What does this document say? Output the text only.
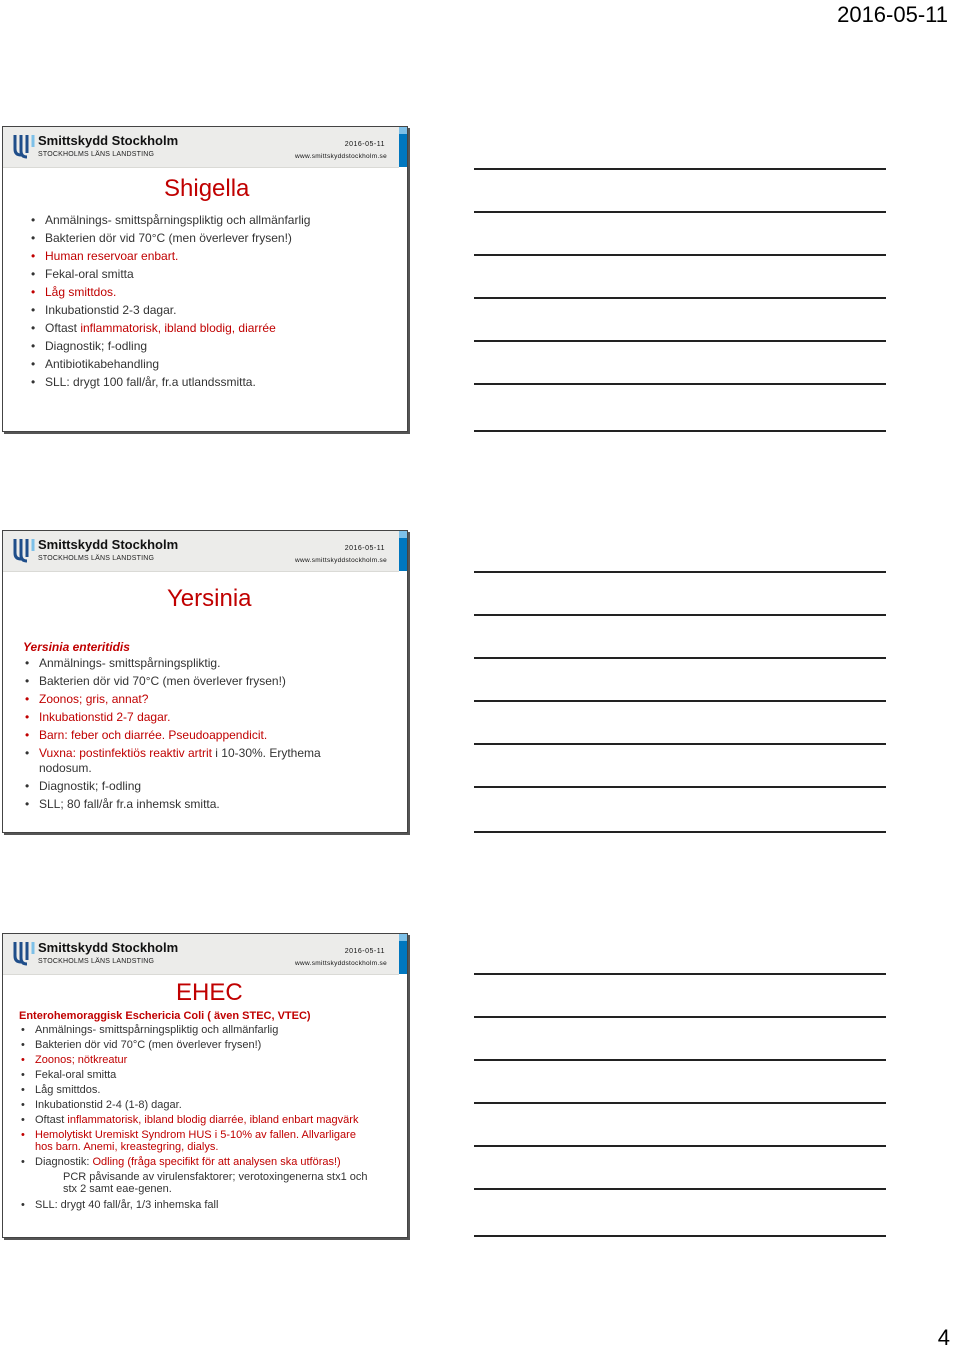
2016-05-11
Smittskydd Stockholm
STOCKHOLMS LÄNS LANDSTING
2016-05-11
www.smittskyddstockholm.se
Shigella
• Anmälnings- smittspårningspliktig och allmänfarlig
• Bakterien dör vid 70°C (men överlever frysen!)
• Human reservoar enbart.
• Fekal-oral smitta
• Låg smittdos.
• Inkubationstid 2-3 dagar.
• Oftast inflammatorisk, ibland blodig, diarrée
• Diagnostik; f-odling
• Antibiotikabehandling
• SLL: drygt 100 fall/år, fr.a utlandssmitta.
Smittskydd Stockholm
STOCKHOLMS LÄNS LANDSTING
2016-05-11
www.smittskyddstockholm.se
Yersinia
Yersinia enteritidis
• Anmälnings- smittspårningspliktig.
• Bakterien dör vid 70°C (men överlever frysen!)
• Zoonos; gris, annat?
• Inkubationstid 2-7 dagar.
• Barn: feber och diarrée. Pseudoappendicit.
• Vuxna: postinfektiös reaktiv artrit i 10-30%. Erythema
nodosum.
• Diagnostik; f-odling
• SLL; 80 fall/år fr.a inhemsk smitta.
Smittskydd Stockholm
STOCKHOLMS LÄNS LANDSTING
2016-05-11
www.smittskyddstockholm.se
EHEC
Enterohemoraggisk Eschericia Coli ( även STEC, VTEC)
• Anmälnings- smittspårningspliktig och allmänfarlig
• Bakterien dör vid 70°C (men överlever frysen!)
• Zoonos; nötkreatur
• Fekal-oral smitta
• Låg smittdos.
• Inkubationstid 2-4 (1-8) dagar.
• Oftast inflammatorisk, ibland blodig diarrée, ibland enbart magvärk
• Hemolytiskt Uremiskt Syndrom HUS i 5-10% av fallen. Allvarligare
hos barn. Anemi, kreastegring, dialys.
• Diagnostik: Odling (fråga specifikt för att analysen ska utföras!)
PCR påvisande av virulensfaktorer; verotoxingenerna stx1 och
stx 2 samt eae-genen.
• SLL: drygt 40 fall/år, 1/3 inhemska fall
4
